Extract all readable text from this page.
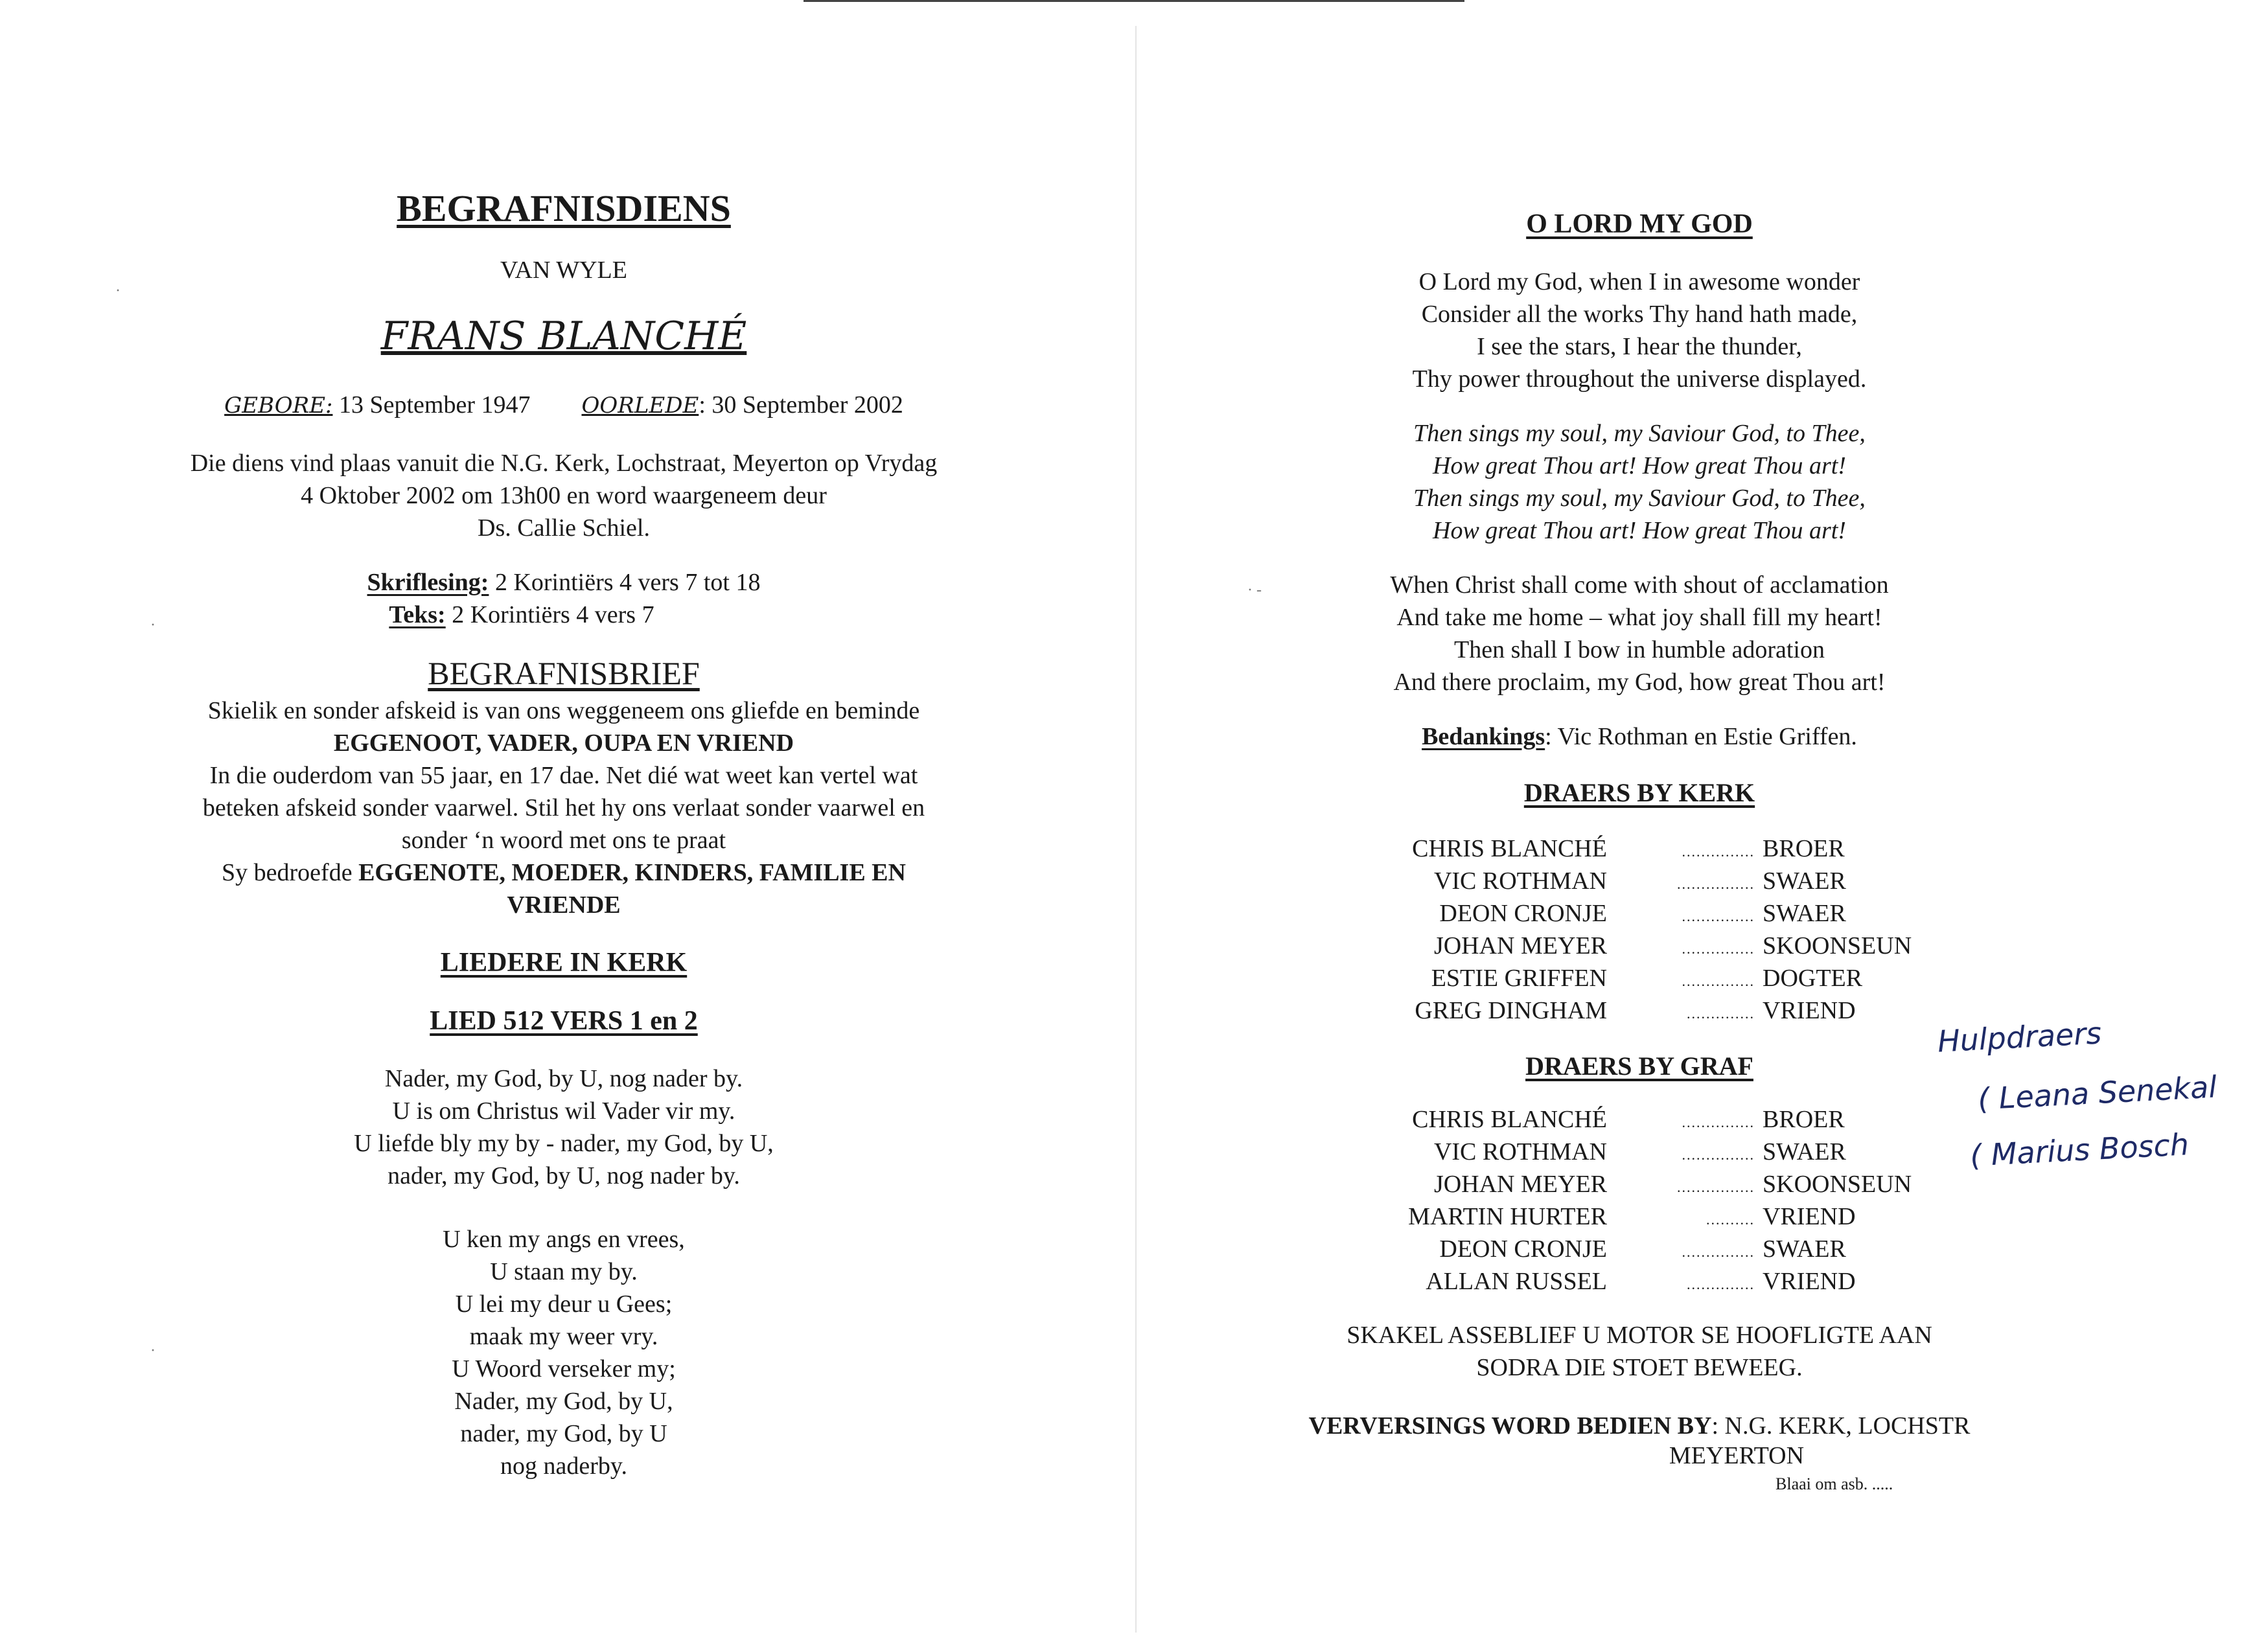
BEGRAFNISDIENS
VAN WYLE
FRANS BLANCHÉ
GEBORE: 13 September 1947 OORLEDE: 30 September 2002
Die diens vind plaas vanuit die N.G. Kerk, Lochstraat, Meyerton op Vrydag
4 Oktober 2002 om 13h00 en word waargeneem deur
Ds. Callie Schiel.
Skriflesing: 2 Korintiërs 4 vers 7 tot 18
Teks: 2 Korintiërs 4 vers 7
BEGRAFNISBRIEF
Skielik en sonder afskeid is van ons weggeneem ons gliefde en beminde
EGGENOOT, VADER, OUPA EN VRIEND
In die ouderdom van 55 jaar, en 17 dae. Net dié wat weet kan vertel wat
beteken afskeid sonder vaarwel. Stil het hy ons verlaat sonder vaarwel en
sonder ‘n woord met ons te praat
Sy bedroefde EGGENOTE, MOEDER, KINDERS, FAMILIE EN
VRIENDE
LIEDERE IN KERK
LIED 512 VERS 1 en 2
Nader, my God, by U, nog nader by.
U is om Christus wil Vader vir my.
U liefde bly my by - nader, my God, by U,
nader, my God, by U, nog nader by.
U ken my angs en vrees,
U staan my by.
U lei my deur u Gees;
maak my weer vry.
U Woord verseker my;
Nader, my God, by U,
nader, my God, by U
nog naderby.
O LORD MY GOD
O Lord my God, when I in awesome wonder
Consider all the works Thy hand hath made,
I see the stars, I hear the thunder,
Thy power throughout the universe displayed.
Then sings my soul, my Saviour God, to Thee,
How great Thou art! How great Thou art!
Then sings my soul, my Saviour God, to Thee,
How great Thou art! How great Thou art!
When Christ shall come with shout of acclamation
And take me home – what joy shall fill my heart!
Then shall I bow in humble adoration
And there proclaim, my God, how great Thou art!
Bedankings: Vic Rothman en Estie Griffen.
DRAERS BY KERK
CHRIS BLANCHÉ	............... BROER
VIC ROTHMAN	................ SWAER
DEON CRONJE	............... SWAER
JOHAN MEYER	............... SKOONSEUN
ESTIE GRIFFEN	............... DOGTER
GREG DINGHAM	.............. VRIEND
DRAERS BY GRAF
CHRIS BLANCHÉ	............... BROER
VIC ROTHMAN	............... SWAER
JOHAN MEYER	................ SKOONSEUN
MARTIN HURTER	.......... VRIEND
DEON CRONJE	............... SWAER
ALLAN RUSSEL	.............. VRIEND
SKAKEL ASSEBLIEF U MOTOR SE HOOFLIGTE AAN
SODRA DIE STOET BEWEEG.
VERVERSINGS WORD BEDIEN BY: N.G. KERK, LOCHSTR
MEYERTON
Blaai om asb. .....
Hulpdraers
( Leana Senekal
( Marius Bosch
·
· -
·
·
